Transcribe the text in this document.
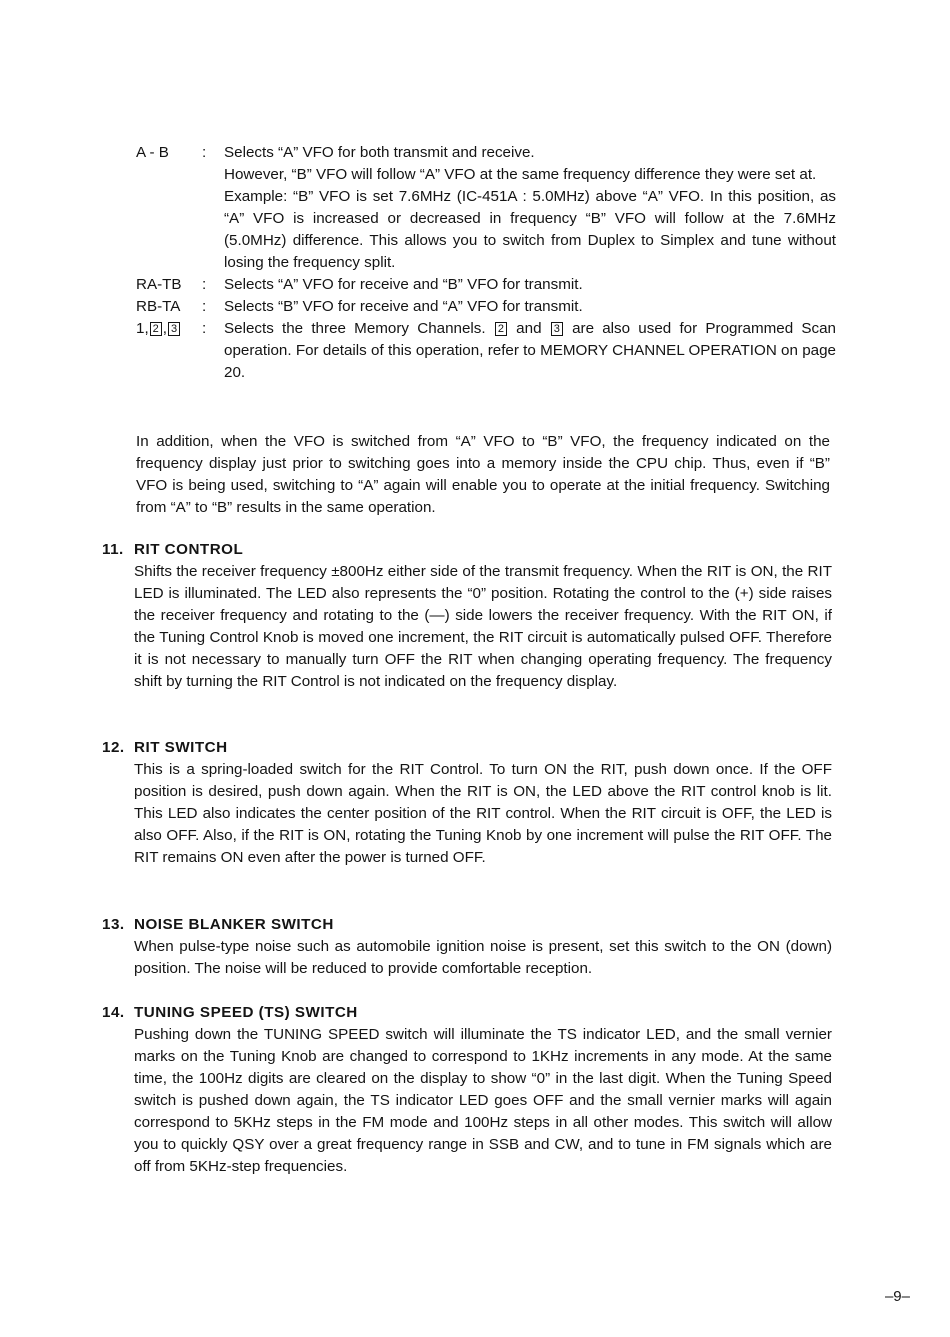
A - B	: Selects “A” VFO for both transmit and receive.

However, “B” VFO will follow “A” VFO at the same frequency difference they were set at.

Example: “B” VFO is set 7.6MHz (IC-451A : 5.0MHz) above “A” VFO. In this position, as “A” VFO is increased or decreased in frequency “B” VFO will follow at the 7.6MHz (5.0MHz) difference. This allows you to switch from Duplex to Simplex and tune without losing the frequency split.

RA-TB	: Selects “A” VFO for receive and “B” VFO for transmit.

RB-TA	: Selects “B” VFO for receive and “A” VFO for transmit.

1, 2 , 3	: Selects the three Memory Channels. 2 and 3 are also used for Programmed Scan operation. For details of this operation, refer to MEMORY CHANNEL OPERATION on page 20.

In addition, when the VFO is switched from “A” VFO to “B” VFO, the frequency indicated on the frequency display just prior to switching goes into a memory inside the CPU chip. Thus, even if “B” VFO is being used, switching to “A” again will enable you to operate at the initial frequency. Switching from “A” to “B” results in the same operation.

11. RIT CONTROL

Shifts the receiver frequency ±800Hz either side of the transmit frequency. When the RIT is ON, the RIT LED is illuminated. The LED also represents the “0” position. Rotating the control to the (+) side raises the receiver frequency and rotating to the (—) side lowers the receiver frequency. With the RIT ON, if the Tuning Control Knob is moved one increment, the RIT circuit is automatically pulsed OFF. Therefore it is not necessary to manually turn OFF the RIT when changing operating frequency. The frequency shift by turning the RIT Control is not indicated on the frequency display.

12. RIT SWITCH

This is a spring-loaded switch for the RIT Control. To turn ON the RIT, push down once. If the OFF position is desired, push down again. When the RIT is ON, the LED above the RIT control knob is lit. This LED also indicates the center position of the RIT control. When the RIT circuit is OFF, the LED is also OFF. Also, if the RIT is ON, rotating the Tuning Knob by one increment will pulse the RIT OFF. The RIT remains ON even after the power is turned OFF.

13. NOISE BLANKER SWITCH

When pulse-type noise such as automobile ignition noise is present, set this switch to the ON (down) position. The noise will be reduced to provide comfortable reception.

14. TUNING SPEED (TS) SWITCH

Pushing down the TUNING SPEED switch will illuminate the TS indicator LED, and the small vernier marks on the Tuning Knob are changed to correspond to 1KHz increments in any mode. At the same time, the 100Hz digits are cleared on the display to show “0” in the last digit. When the Tuning Speed switch is pushed down again, the TS indicator LED goes OFF and the small vernier marks will again correspond to 5KHz steps in the FM mode and 100Hz steps in all other modes. This switch will allow you to quickly QSY over a great frequency range in SSB and CW, and to tune in FM signals which are off from 5KHz-step frequencies.

–9–
